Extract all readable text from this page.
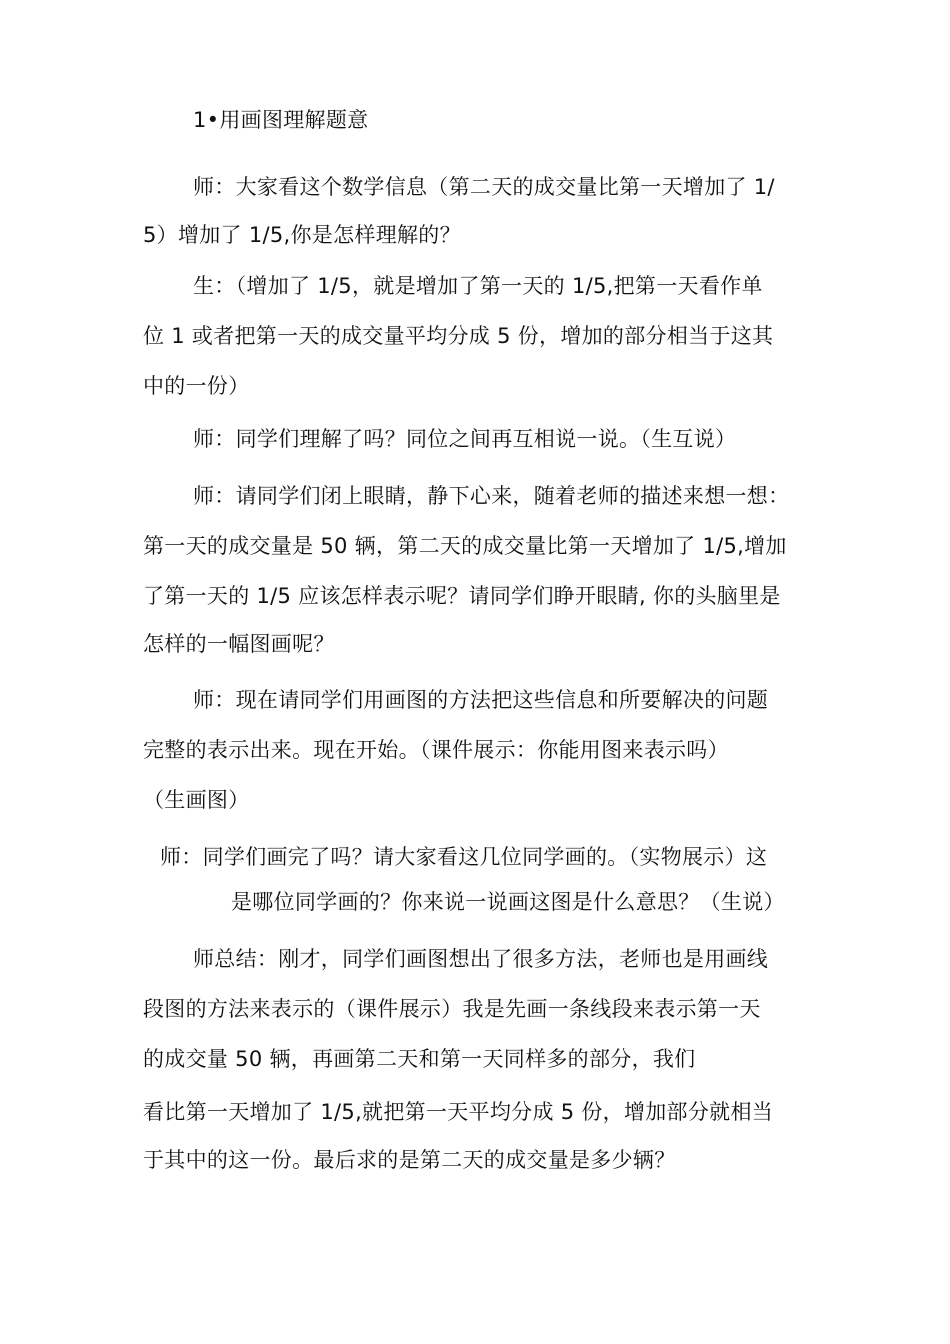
1•用画图理解题意
师：大家看这个数学信息（第二天的成交量比第一天增加了 1/
5）增加了 1/5,你是怎样理解的？
生：（增加了 1/5，就是增加了第一天的 1/5,把第一天看作单
位 1 或者把第一天的成交量平均分成 5 份，增加的部分相当于这其
中的一份）
师：同学们理解了吗？同位之间再互相说一说。（生互说）
师：请同学们闭上眼睛，静下心来，随着老师的描述来想一想：
第一天的成交量是 50 辆，第二天的成交量比第一天增加了 1/5,增加
了第一天的 1/5 应该怎样表示呢？请同学们睁开眼睛, 你的头脑里是
怎样的一幅图画呢？
师：现在请同学们用画图的方法把这些信息和所要解决的问题
完整的表示出来。现在开始。（课件展示：你能用图来表示吗）
（生画图）
师：同学们画完了吗？请大家看这几位同学画的。（实物展示）这
是哪位同学画的？你来说一说画这图是什么意思？（生说）
师总结：刚才，同学们画图想出了很多方法，老师也是用画线
段图的方法来表示的（课件展示）我是先画一条线段来表示第一天
的成交量 50 辆，再画第二天和第一天同样多的部分，我们
看比第一天增加了 1/5,就把第一天平均分成 5 份，增加部分就相当
于其中的这一份。最后求的是第二天的成交量是多少辆？
